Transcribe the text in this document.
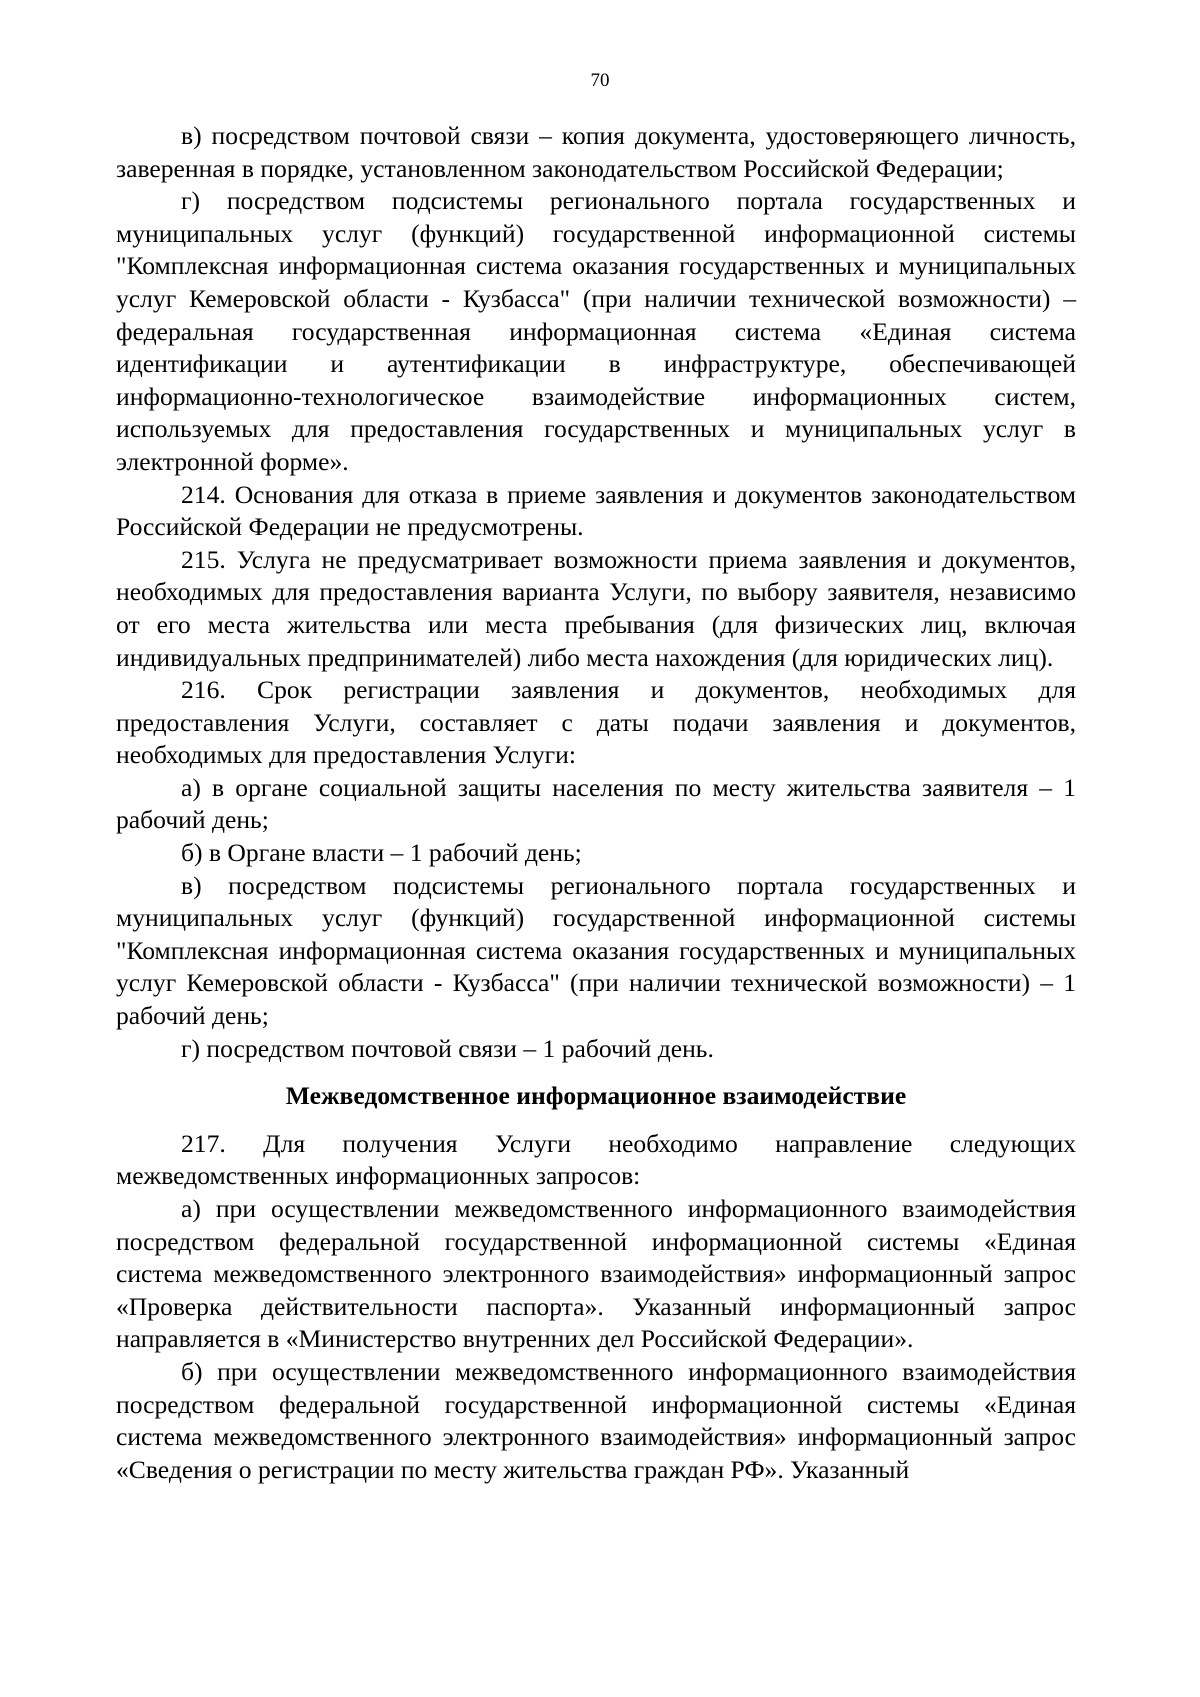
70

в) посредством почтовой связи – копия документа, удостоверяющего личность, заверенная в порядке, установленном законодательством Российской Федерации;

г) посредством подсистемы регионального портала государственных и муниципальных услуг (функций) государственной информационной системы "Комплексная информационная система оказания государственных и муниципальных услуг Кемеровской области - Кузбасса" (при наличии технической возможности) – федеральная государственная информационная система «Единая система идентификации и аутентификации в инфраструктуре, обеспечивающей информационно-технологическое взаимодействие информационных систем, используемых для предоставления государственных и муниципальных услуг в электронной форме».

214. Основания для отказа в приеме заявления и документов законодательством Российской Федерации не предусмотрены.

215. Услуга не предусматривает возможности приема заявления и документов, необходимых для предоставления варианта Услуги, по выбору заявителя, независимо от его места жительства или места пребывания (для физических лиц, включая индивидуальных предпринимателей) либо места нахождения (для юридических лиц).

216. Срок регистрации заявления и документов, необходимых для предоставления Услуги, составляет с даты подачи заявления и документов, необходимых для предоставления Услуги:

а) в органе социальной защиты населения по месту жительства заявителя – 1 рабочий день;

б) в Органе власти – 1 рабочий день;

в) посредством подсистемы регионального портала государственных и муниципальных услуг (функций) государственной информационной системы "Комплексная информационная система оказания государственных и муниципальных услуг Кемеровской области - Кузбасса" (при наличии технической возможности) – 1 рабочий день;

г) посредством почтовой связи – 1 рабочий день.

Межведомственное информационное взаимодействие

217. Для получения Услуги необходимо направление следующих межведомственных информационных запросов:

а) при осуществлении межведомственного информационного взаимодействия посредством федеральной государственной информационной системы «Единая система межведомственного электронного взаимодействия» информационный запрос «Проверка действительности паспорта». Указанный информационный запрос направляется в «Министерство внутренних дел Российской Федерации».

б) при осуществлении межведомственного информационного взаимодействия посредством федеральной государственной информационной системы «Единая система межведомственного электронного взаимодействия» информационный запрос «Сведения о регистрации по месту жительства граждан РФ». Указанный
